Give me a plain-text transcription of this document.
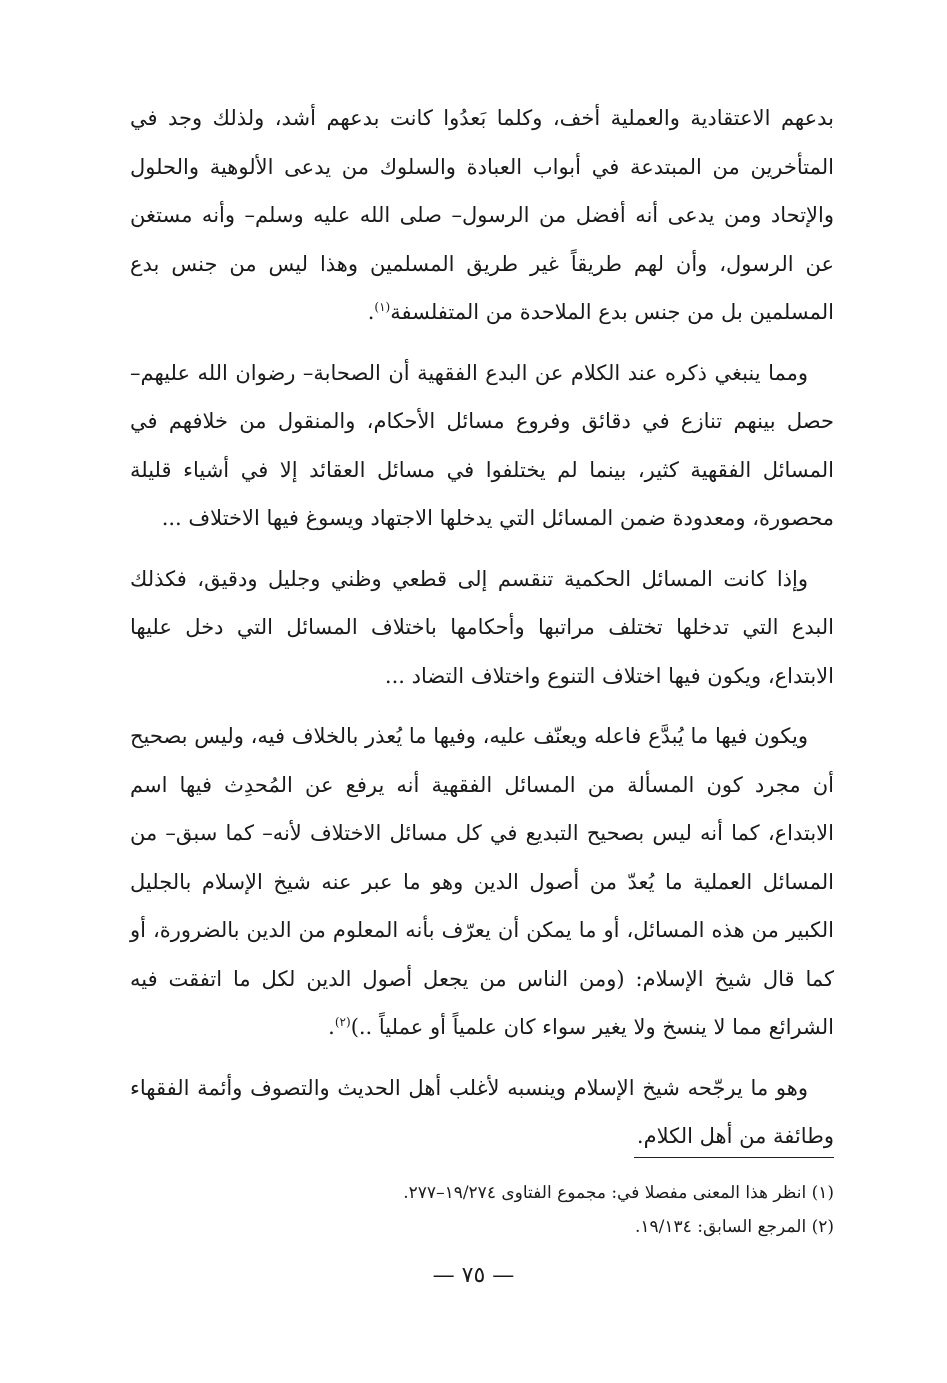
بدعهم الاعتقادية والعملية أخف، وكلما بَعدُوا كانت بدعهم أشد، ولذلك وجد في المتأخرين من المبتدعة في أبواب العبادة والسلوك من يدعى الألوهية والحلول والإتحاد ومن يدعى أنه أفضل من الرسول– صلى الله عليه وسلم– وأنه مستغن عن الرسول، وأن لهم طريقاً غير طريق المسلمين وهذا ليس من جنس بدع المسلمين بل من جنس بدع الملاحدة من المتفلسفة$^{(١)}$.

ومما ينبغي ذكره عند الكلام عن البدع الفقهية أن الصحابة– رضوان الله عليهم– حصل بينهم تنازع في دقائق وفروع مسائل الأحكام، والمنقول من خلافهم في المسائل الفقهية كثير، بينما لم يختلفوا في مسائل العقائد إلا في أشياء قليلة محصورة، ومعدودة ضمن المسائل التي يدخلها الاجتهاد ويسوغ فيها الاختلاف ...

وإذا كانت المسائل الحكمية تنقسم إلى قطعي وظني وجليل ودقيق، فكذلك البدع التي تدخلها تختلف مراتبها وأحكامها باختلاف المسائل التي دخل عليها الابتداع، ويكون فيها اختلاف التنوع واختلاف التضاد ...

ويكون فيها ما يُبدَّع فاعله ويعنّف عليه، وفيها ما يُعذر بالخلاف فيه، وليس بصحيح أن مجرد كون المسألة من المسائل الفقهية أنه يرفع عن المُحدِث فيها اسم الابتداع، كما أنه ليس بصحيح التبديع في كل مسائل الاختلاف لأنه– كما سبق– من المسائل العملية ما يُعدّ من أصول الدين وهو ما عبر عنه شيخ الإسلام بالجليل الكبير من هذه المسائل، أو ما يمكن أن يعرّف بأنه المعلوم من الدين بالضرورة، أو كما قال شيخ الإسلام: (ومن الناس من يجعل أصول الدين لكل ما اتفقت فيه الشرائع مما لا ينسخ ولا يغير سواء كان علمياً أو عملياً ..)$^{(٢)}$.

وهو ما يرجّحه شيخ الإسلام وينسبه لأغلب أهل الحديث والتصوف وأئمة الفقهاء وطائفة من أهل الكلام.

(١) انظر هذا المعنى مفصلا في: مجموع الفتاوى ١٩/٢٧٤–٢٧٧.

(٢) المرجع السابق: ١٩/١٣٤.

— ٧٥ —
